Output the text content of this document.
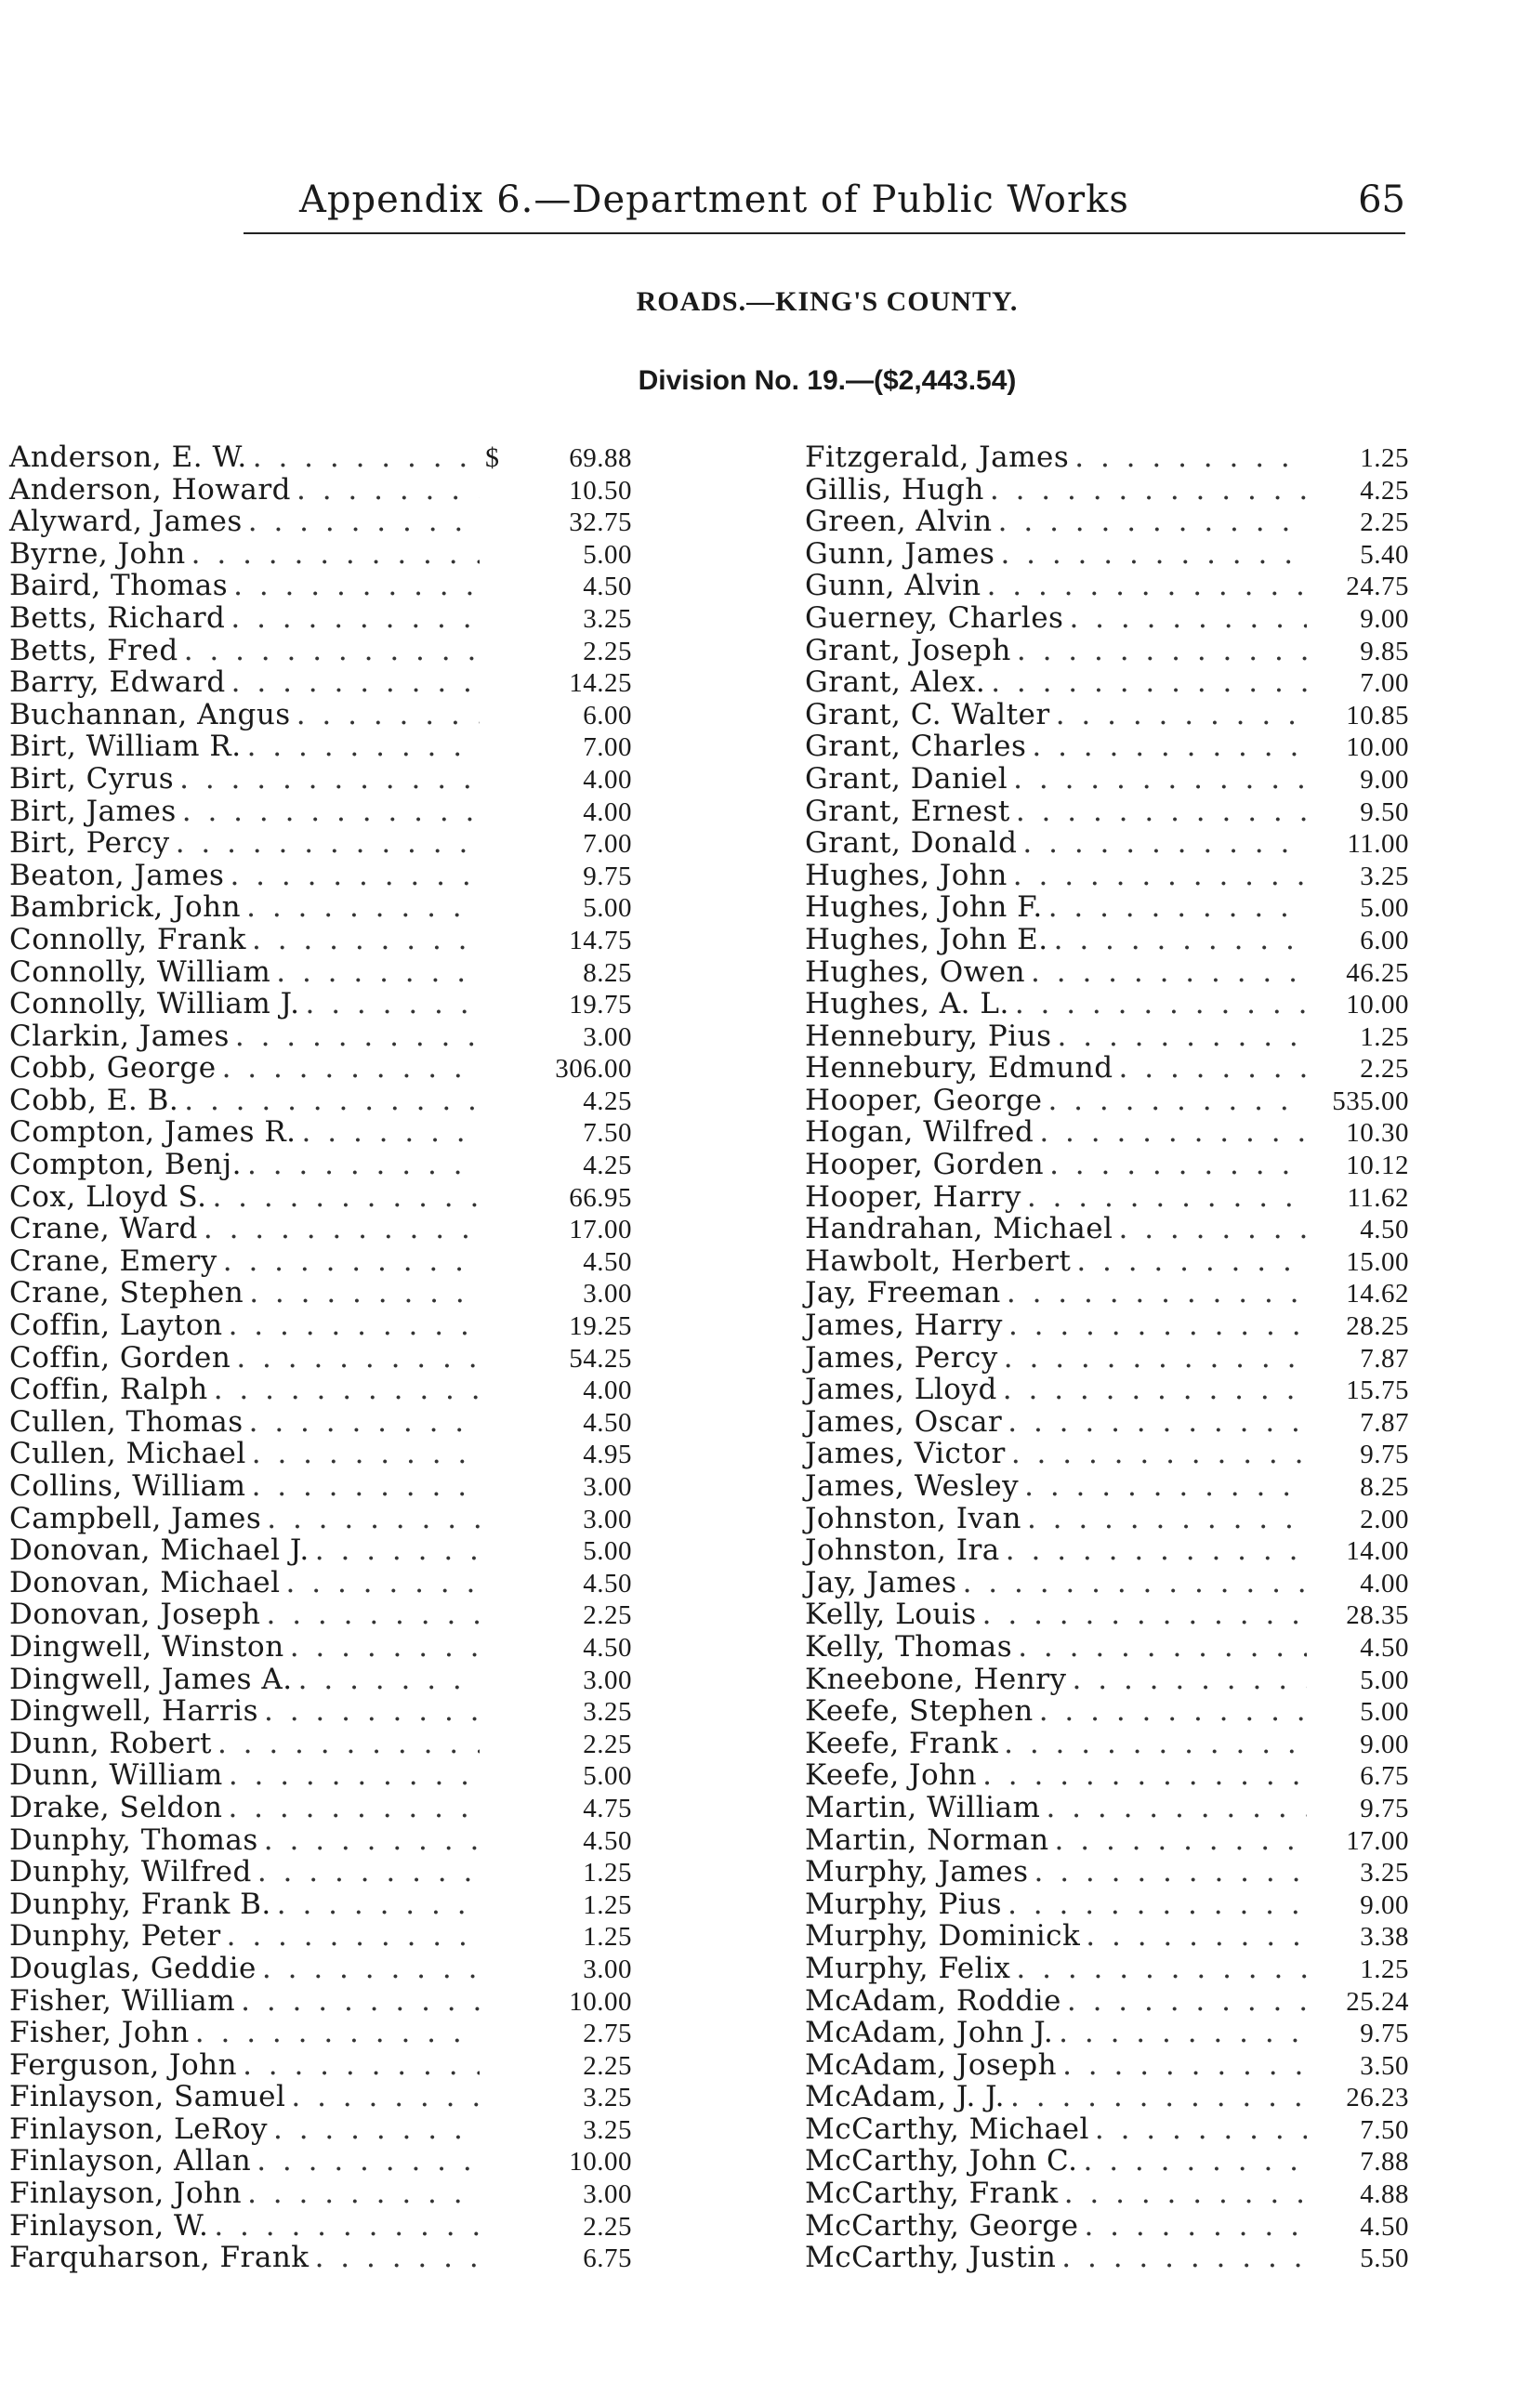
Appendix 6.—Department of Public Works	65
ROADS.—KING'S COUNTY.
Division No. 19.—($2,443.54)
Anderson, E. W. . . .	$	69.88
Anderson, Howard . . .	10.50
Alyward, James . . .	32.75
Byrne, John . . .	5.00
Baird, Thomas . . .	4.50
Betts, Richard . . .	3.25
Betts, Fred . . .	2.25
Barry, Edward . . .	14.25
Buchannan, Angus . . .	6.00
Birt, William R. . . .	7.00
Birt, Cyrus . . .	4.00
Birt, James . . .	4.00
Birt, Percy . . .	7.00
Beaton, James . . .	9.75
Bambrick, John . . .	5.00
Connolly, Frank . . .	14.75
Connolly, William . . .	8.25
Connolly, William J. . . .	19.75
Clarkin, James . . .	3.00
Cobb, George . . .	306.00
Cobb, E. B. . . .	4.25
Compton, James R. . . .	7.50
Compton, Benj. . . .	4.25
Cox, Lloyd S. . . .	66.95
Crane, Ward . . .	17.00
Crane, Emery . . .	4.50
Crane, Stephen . . .	3.00
Coffin, Layton . . .	19.25
Coffin, Gorden . . .	54.25
Coffin, Ralph . . .	4.00
Cullen, Thomas . . .	4.50
Cullen, Michael . . .	4.95
Collins, William . . .	3.00
Campbell, James . . .	3.00
Donovan, Michael J. . . .	5.00
Donovan, Michael . . .	4.50
Donovan, Joseph . . .	2.25
Dingwell, Winston . . .	4.50
Dingwell, James A. . . .	3.00
Dingwell, Harris . . .	3.25
Dunn, Robert . . .	2.25
Dunn, William . . .	5.00
Drake, Seldon . . .	4.75
Dunphy, Thomas . . .	4.50
Dunphy, Wilfred . . .	1.25
Dunphy, Frank B. . . .	1.25
Dunphy, Peter . . .	1.25
Douglas, Geddie . . .	3.00
Fisher, William . . .	10.00
Fisher, John . . .	2.75
Ferguson, John . . .	2.25
Finlayson, Samuel . . .	3.25
Finlayson, LeRoy . . .	3.25
Finlayson, Allan . . .	10.00
Finlayson, John . . .	3.00
Finlayson, W. . . .	2.25
Farquharson, Frank . . .	6.75
Fitzgerald, James . . .	1.25
Gillis, Hugh . . .	4.25
Green, Alvin . . .	2.25
Gunn, James . . .	5.40
Gunn, Alvin . . .	24.75
Guerney, Charles . . .	9.00
Grant, Joseph . . .	9.85
Grant, Alex. . . .	7.00
Grant, C. Walter . . .	10.85
Grant, Charles . . .	10.00
Grant, Daniel . . .	9.00
Grant, Ernest . . .	9.50
Grant, Donald . . .	11.00
Hughes, John . . .	3.25
Hughes, John F. . . .	5.00
Hughes, John E. . . .	6.00
Hughes, Owen . . .	46.25
Hughes, A. L. . . .	10.00
Hennebury, Pius . . .	1.25
Hennebury, Edmund . . .	2.25
Hooper, George . . .	535.00
Hogan, Wilfred . . .	10.30
Hooper, Gorden . . .	10.12
Hooper, Harry . . .	11.62
Handrahan, Michael . . .	4.50
Hawbolt, Herbert . . .	15.00
Jay, Freeman . . .	14.62
James, Harry . . .	28.25
James, Percy . . .	7.87
James, Lloyd . . .	15.75
James, Oscar . . .	7.87
James, Victor . . .	9.75
James, Wesley . . .	8.25
Johnston, Ivan . . .	2.00
Johnston, Ira . . .	14.00
Jay, James . . .	4.00
Kelly, Louis . . .	28.35
Kelly, Thomas . . .	4.50
Kneebone, Henry . . .	5.00
Keefe, Stephen . . .	5.00
Keefe, Frank . . .	9.00
Keefe, John . . .	6.75
Martin, William . . .	9.75
Martin, Norman . . .	17.00
Murphy, James . . .	3.25
Murphy, Pius . . .	9.00
Murphy, Dominick . . .	3.38
Murphy, Felix . . .	1.25
McAdam, Roddie . . .	25.24
McAdam, John J. . . .	9.75
McAdam, Joseph . . .	3.50
McAdam, J. J. . . .	26.23
McCarthy, Michael . . .	7.50
McCarthy, John C. . . .	7.88
McCarthy, Frank . . .	4.88
McCarthy, George . . .	4.50
McCarthy, Justin . . .	5.50
